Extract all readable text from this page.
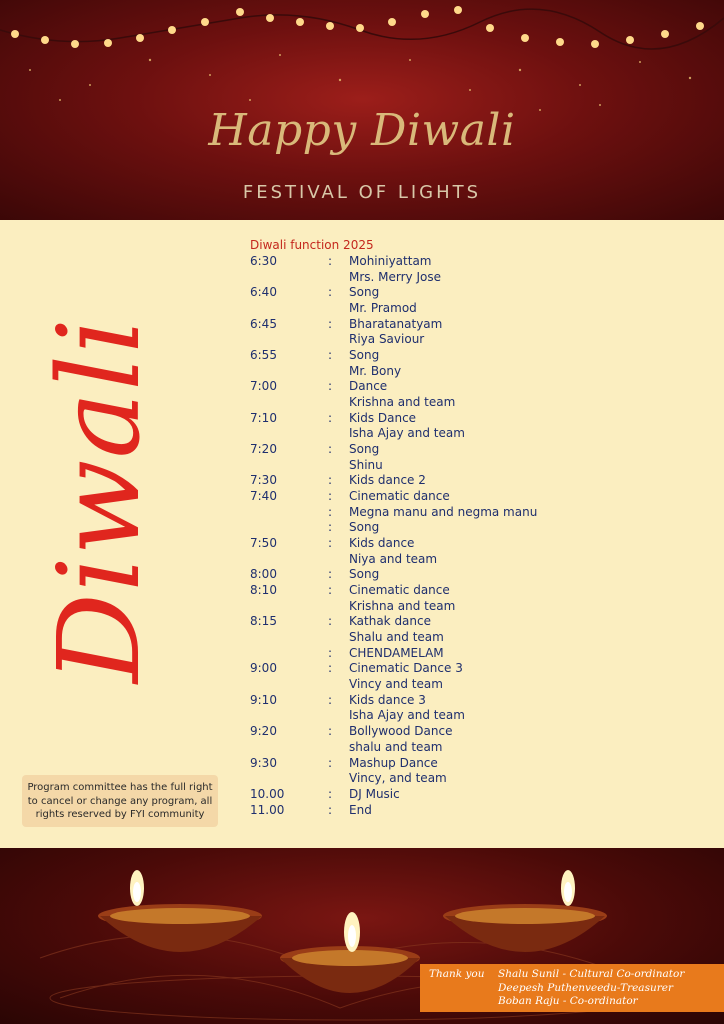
Happy Diwali
FESTIVAL OF LIGHTS
Diwali
Diwali function 2025
6:30	: Mohiniyattam
Mrs. Merry Jose
6:40	: Song
Mr. Pramod
6:45	: Bharatanatyam
Riya Saviour
6:55	: Song
Mr. Bony
7:00	: Dance
Krishna and team
7:10	: Kids Dance
Isha Ajay and team
7:20	: Song
Shinu
7:30	: Kids dance 2
7:40	: Cinematic dance
: Megna manu and negma manu
: Song
7:50	: Kids dance
Niya and team
8:00	: Song
8:10	: Cinematic dance
Krishna and team
8:15	: Kathak dance
Shalu and team
: CHENDAMELAM
9:00	: Cinematic Dance 3
Vincy and team
9:10	: Kids dance 3
Isha Ajay and team
9:20	: Bollywood Dance
shalu and team
9:30	: Mashup Dance
Vincy, and team
10.00	: DJ Music
11.00	: End
Program committee has the full right
to cancel or change any program, all
rights reserved by FYI community
Thank you Shalu Sunil - Cultural Co-ordinator
Deepesh Puthenveedu-Treasurer
Boban Raju - Co-ordinator
